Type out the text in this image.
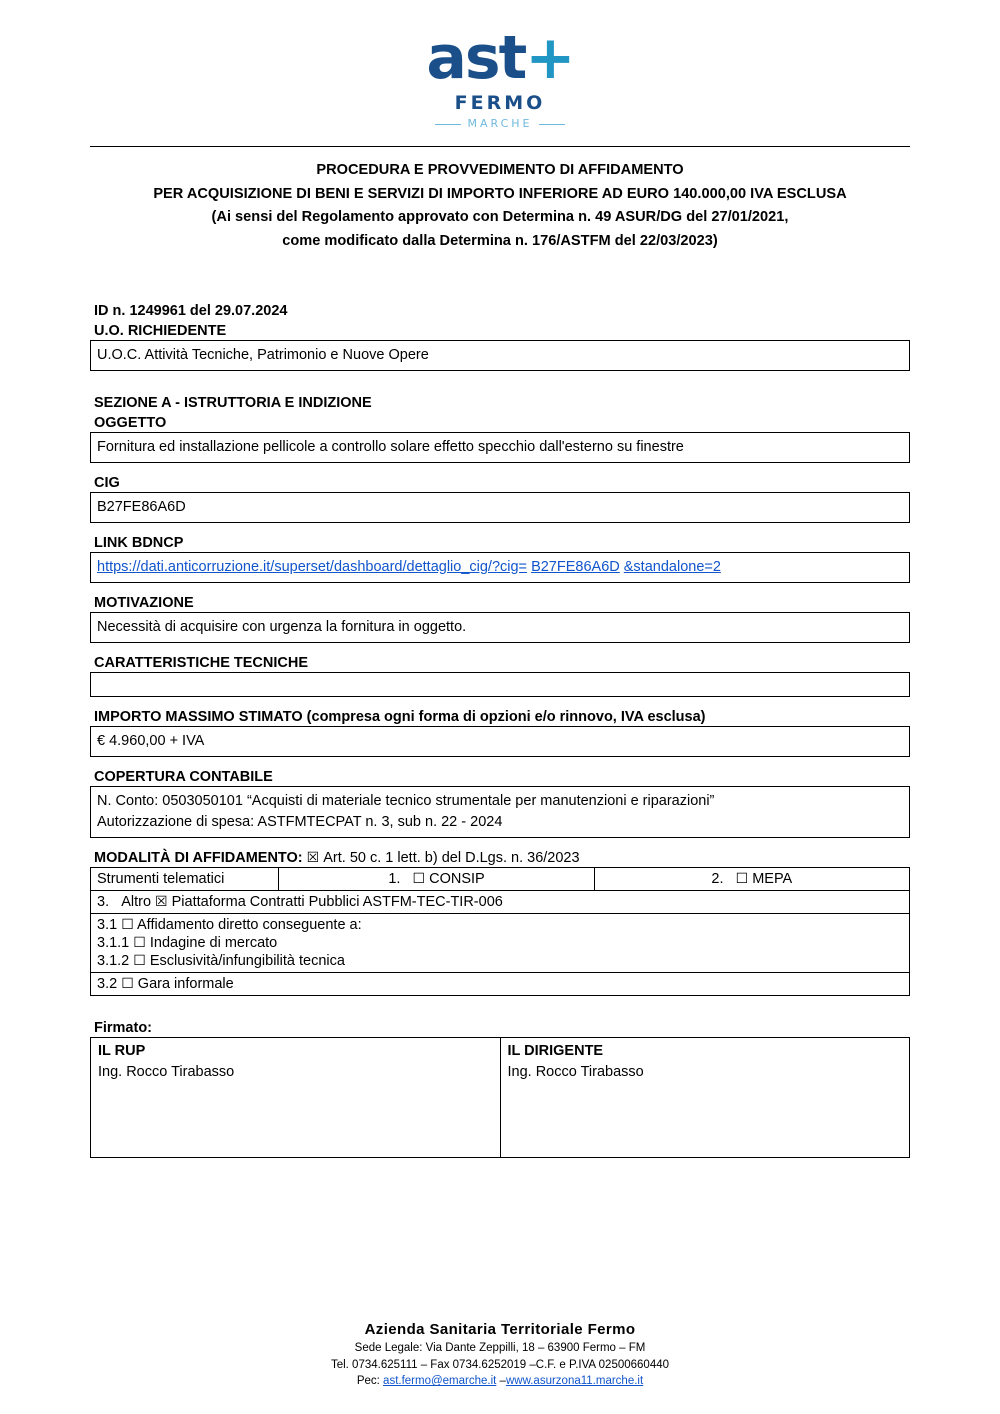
ast+
FERMO
MARCHE
PROCEDURA E PROVVEDIMENTO DI AFFIDAMENTO
PER ACQUISIZIONE DI BENI E SERVIZI DI IMPORTO INFERIORE AD EURO 140.000,00 IVA ESCLUSA
(Ai sensi del Regolamento approvato con Determina n. 49 ASUR/DG del 27/01/2021,
come modificato dalla Determina n. 176/ASTFM del 22/03/2023)
ID n. 1249961 del 29.07.2024
U.O. RICHIEDENTE
U.O.C. Attività Tecniche, Patrimonio e Nuove Opere
SEZIONE A - ISTRUTTORIA E INDIZIONE
OGGETTO
Fornitura ed installazione pellicole a controllo solare effetto specchio dall'esterno su finestre
CIG
B27FE86A6D
LINK BDNCP
https://dati.anticorruzione.it/superset/dashboard/dettaglio_cig/?cig= B27FE86A6D &standalone=2
MOTIVAZIONE
Necessità di acquisire con urgenza la fornitura in oggetto.
CARATTERISTICHE TECNICHE
IMPORTO MASSIMO STIMATO (compresa ogni forma di opzioni e/o rinnovo, IVA esclusa)
€ 4.960,00 + IVA
COPERTURA CONTABILE
N. Conto: 0503050101 “Acquisti di materiale tecnico strumentale per manutenzioni e riparazioni”
Autorizzazione di spesa: ASTFMTECPAT n. 3, sub n. 22 - 2024
MODALITÀ DI AFFIDAMENTO: ☒ Art. 50 c. 1 lett. b) del D.Lgs. n. 36/2023
Strumenti telematici	1. ☐ CONSIP	2. ☐ MEPA
3. Altro ☒ Piattaforma Contratti Pubblici ASTFM-TEC-TIR-006
3.1 ☐ Affidamento diretto conseguente a:
3.1.1 ☐ Indagine di mercato
3.1.2 ☐ Esclusività/infungibilità tecnica
3.2 ☐ Gara informale
Firmato:
IL RUP
Ing. Rocco Tirabasso

IL DIRIGENTE
Ing. Rocco Tirabasso
Azienda Sanitaria Territoriale Fermo
Sede Legale: Via Dante Zeppilli, 18 – 63900 Fermo – FM
Tel. 0734.625111 – Fax 0734.6252019 –C.F. e P.IVA 02500660440
Pec: ast.fermo@emarche.it –www.asurzona11.marche.it
